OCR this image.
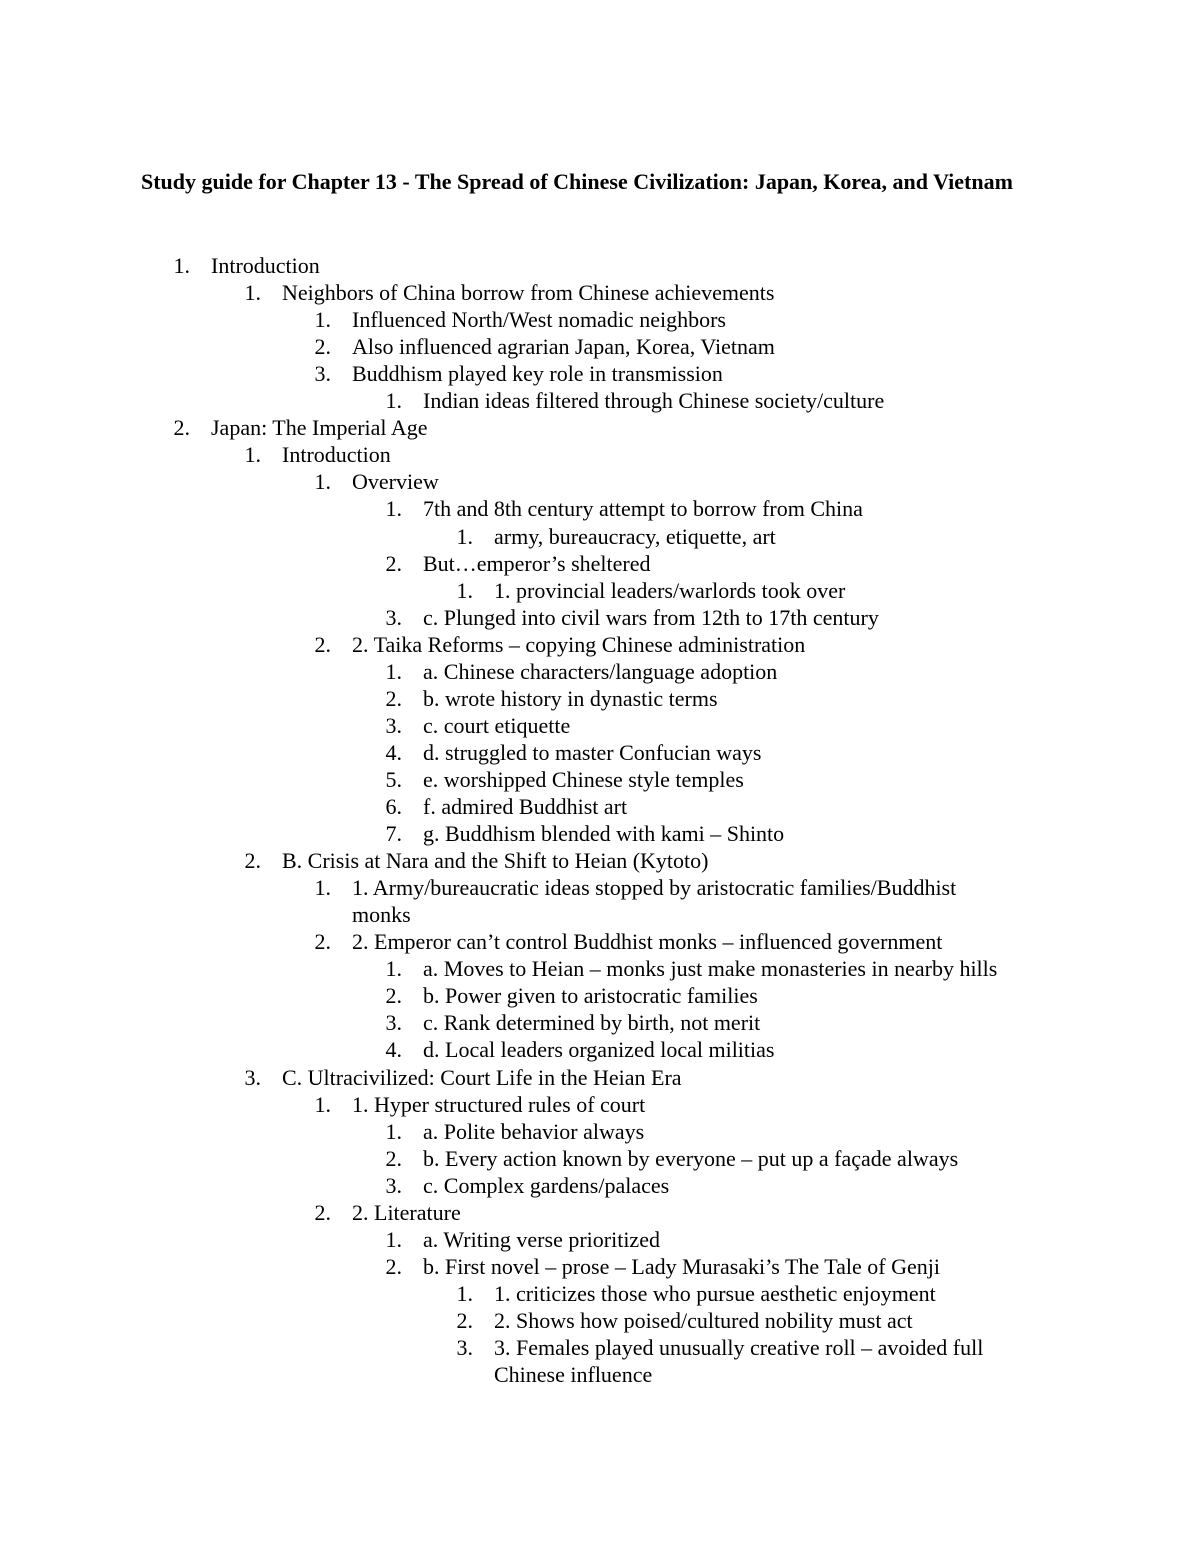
Study guide for Chapter 13 - The Spread of Chinese Civilization: Japan, Korea, and Vietnam
1. Introduction
1. Neighbors of China borrow from Chinese achievements
1. Influenced North/West nomadic neighbors
2. Also influenced agrarian Japan, Korea, Vietnam
3. Buddhism played key role in transmission
1. Indian ideas filtered through Chinese society/culture
2. Japan: The Imperial Age
1. Introduction
1. Overview
1. 7th and 8th century attempt to borrow from China
1. army, bureaucracy, etiquette, art
2. But…emperor’s sheltered
1. 1. provincial leaders/warlords took over
3. c. Plunged into civil wars from 12th to 17th century
2. 2. Taika Reforms – copying Chinese administration
1. a. Chinese characters/language adoption
2. b. wrote history in dynastic terms
3. c. court etiquette
4. d. struggled to master Confucian ways
5. e. worshipped Chinese style temples
6. f. admired Buddhist art
7. g. Buddhism blended with kami – Shinto
2. B. Crisis at Nara and the Shift to Heian (Kytoto)
1. 1. Army/bureaucratic ideas stopped by aristocratic families/Buddhist
monks
2. 2. Emperor can’t control Buddhist monks – influenced government
1. a. Moves to Heian – monks just make monasteries in nearby hills
2. b. Power given to aristocratic families
3. c. Rank determined by birth, not merit
4. d. Local leaders organized local militias
3. C. Ultracivilized: Court Life in the Heian Era
1. 1. Hyper structured rules of court
1. a. Polite behavior always
2. b. Every action known by everyone – put up a façade always
3. c. Complex gardens/palaces
2. 2. Literature
1. a. Writing verse prioritized
2. b. First novel – prose – Lady Murasaki’s The Tale of Genji
1. 1. criticizes those who pursue aesthetic enjoyment
2. 2. Shows how poised/cultured nobility must act
3. 3. Females played unusually creative roll – avoided full
Chinese influence
